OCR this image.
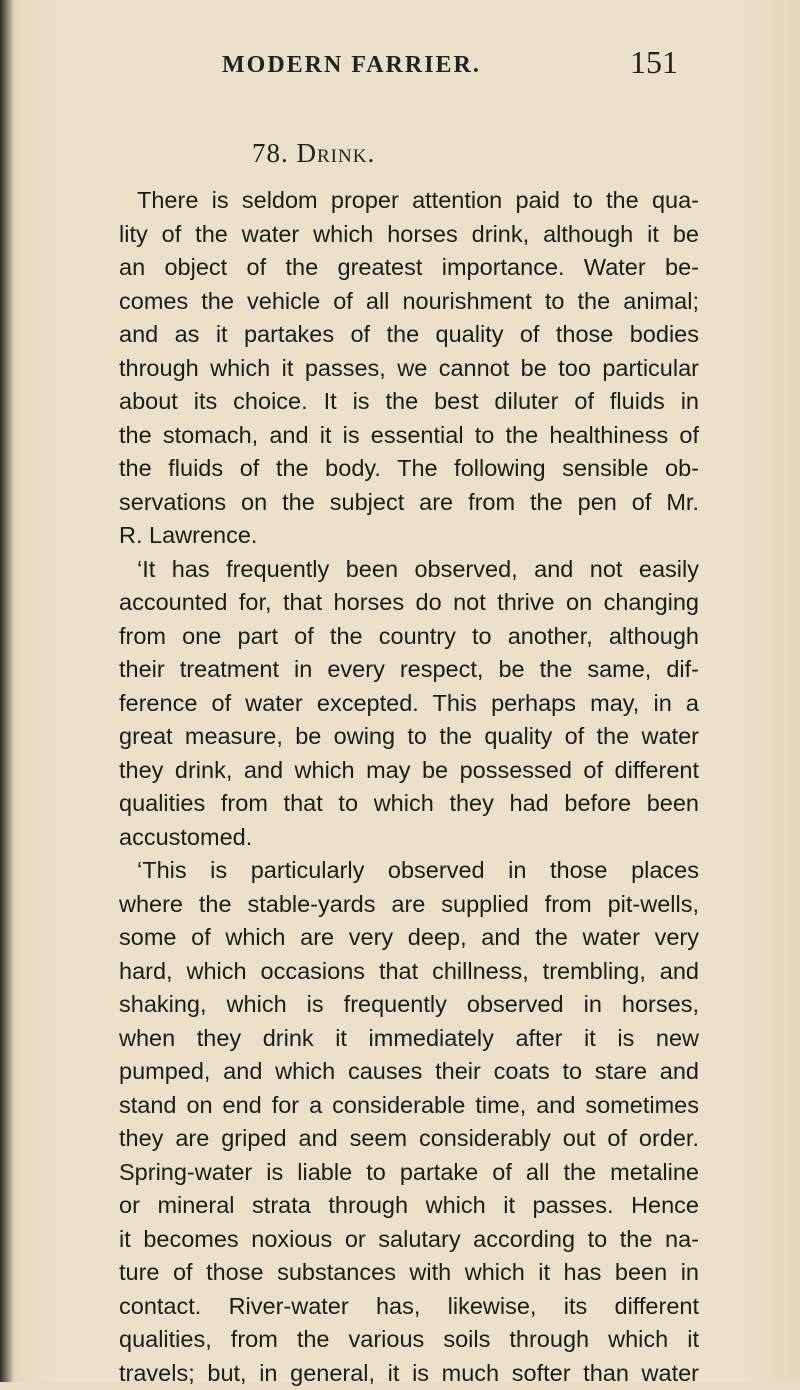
MODERN FARRIER.	151
78. Drink.
There is seldom proper attention paid to the qua-
lity of the water which horses drink, although it be
an object of the greatest importance. Water be-
comes the vehicle of all nourishment to the animal;
and as it partakes of the quality of those bodies
through which it passes, we cannot be too particular
about its choice. It is the best diluter of fluids in
the stomach, and it is essential to the healthiness of
the fluids of the body. The following sensible ob-
servations on the subject are from the pen of Mr.
R. Lawrence.
‘It has frequently been observed, and not easily
accounted for, that horses do not thrive on changing
from one part of the country to another, although
their treatment in every respect, be the same, dif-
ference of water excepted. This perhaps may, in a
great measure, be owing to the quality of the water
they drink, and which may be possessed of different
qualities from that to which they had before been
accustomed.
‘This is particularly observed in those places
where the stable-yards are supplied from pit-wells,
some of which are very deep, and the water very
hard, which occasions that chillness, trembling, and
shaking, which is frequently observed in horses,
when they drink it immediately after it is new
pumped, and which causes their coats to stare and
stand on end for a considerable time, and sometimes
they are griped and seem considerably out of order.
Spring-water is liable to partake of all the metaline
or mineral strata through which it passes. Hence
it becomes noxious or salutary according to the na-
ture of those substances with which it has been in
contact. River-water has, likewise, its different
qualities, from the various soils through which it
travels; but, in general, it is much softer than water
